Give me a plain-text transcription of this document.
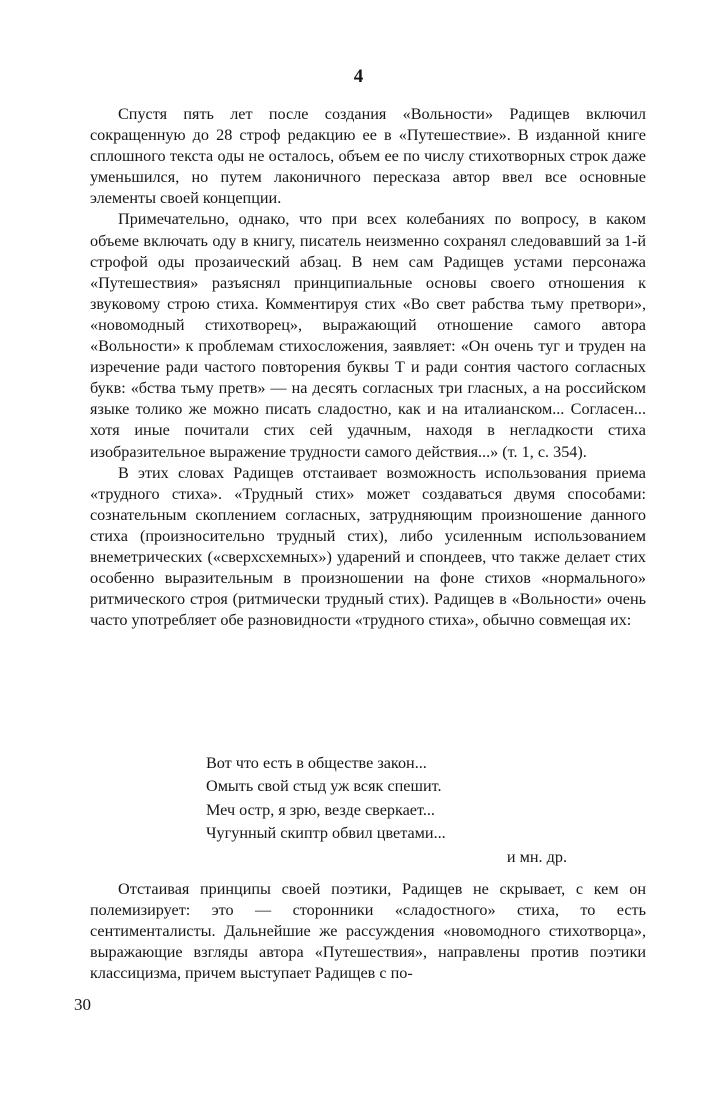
4

Спустя пять лет после создания «Вольности» Радищев включил сокращенную до 28 строф редакцию ее в «Путешествие». В изданной книге сплошного текста оды не осталось, объем ее по числу стихотворных строк даже уменьшился, но путем лаконичного пересказа автор ввел все основные элементы своей концепции.

Примечательно, однако, что при всех колебаниях по вопросу, в каком объеме включать оду в книгу, писатель неизменно сохранял следовавший за 1-й строфой оды прозаический абзац. В нем сам Радищев устами персонажа «Путешествия» разъяснял принципиальные основы своего отношения к звуковому строю стиха. Комментируя стих «Во свет рабства тьму претвори», «новомодный стихотворец», выражающий отношение самого автора «Вольности» к проблемам стихосложения, заявляет: «Он очень туг и труден на изречение ради частого повторения буквы Т и ради сонтия частого согласных букв: «бства тьму претв» — на десять согласных три гласных, а на российском языке толико же можно писать сладостно, как и на италианском... Согласен... хотя иные почитали стих сей удачным, находя в негладкости стиха изобразительное выражение трудности самого действия...» (т. 1, с. 354).

В этих словах Радищев отстаивает возможность использования приема «трудного стиха». «Трудный стих» может создаваться двумя способами: сознательным скоплением согласных, затрудняющим произношение данного стиха (произносительно трудный стих), либо усиленным использованием внеметрических («сверхсхемных») ударений и спондеев, что также делает стих особенно выразительным в произношении на фоне стихов «нормального» ритмического строя (ритмически трудный стих). Радищев в «Вольности» очень часто употребляет обе разновидности «трудного стиха», обычно совмещая их:

Вот что есть в обществе закон...
Омыть свой стыд уж всяк спешит.
Меч остр, я зрю, везде сверкает...
Чугунный скиптр обвил цветами...
и мн. др.

Отстаивая принципы своей поэтики, Радищев не скрывает, с кем он полемизирует: это — сторонники «сладостного» стиха, то есть сентименталисты. Дальнейшие же рассуждения «новомодного стихотворца», выражающие взгляды автора «Путешествия», направлены против поэтики классицизма, причем выступает Радищев с по-

30
